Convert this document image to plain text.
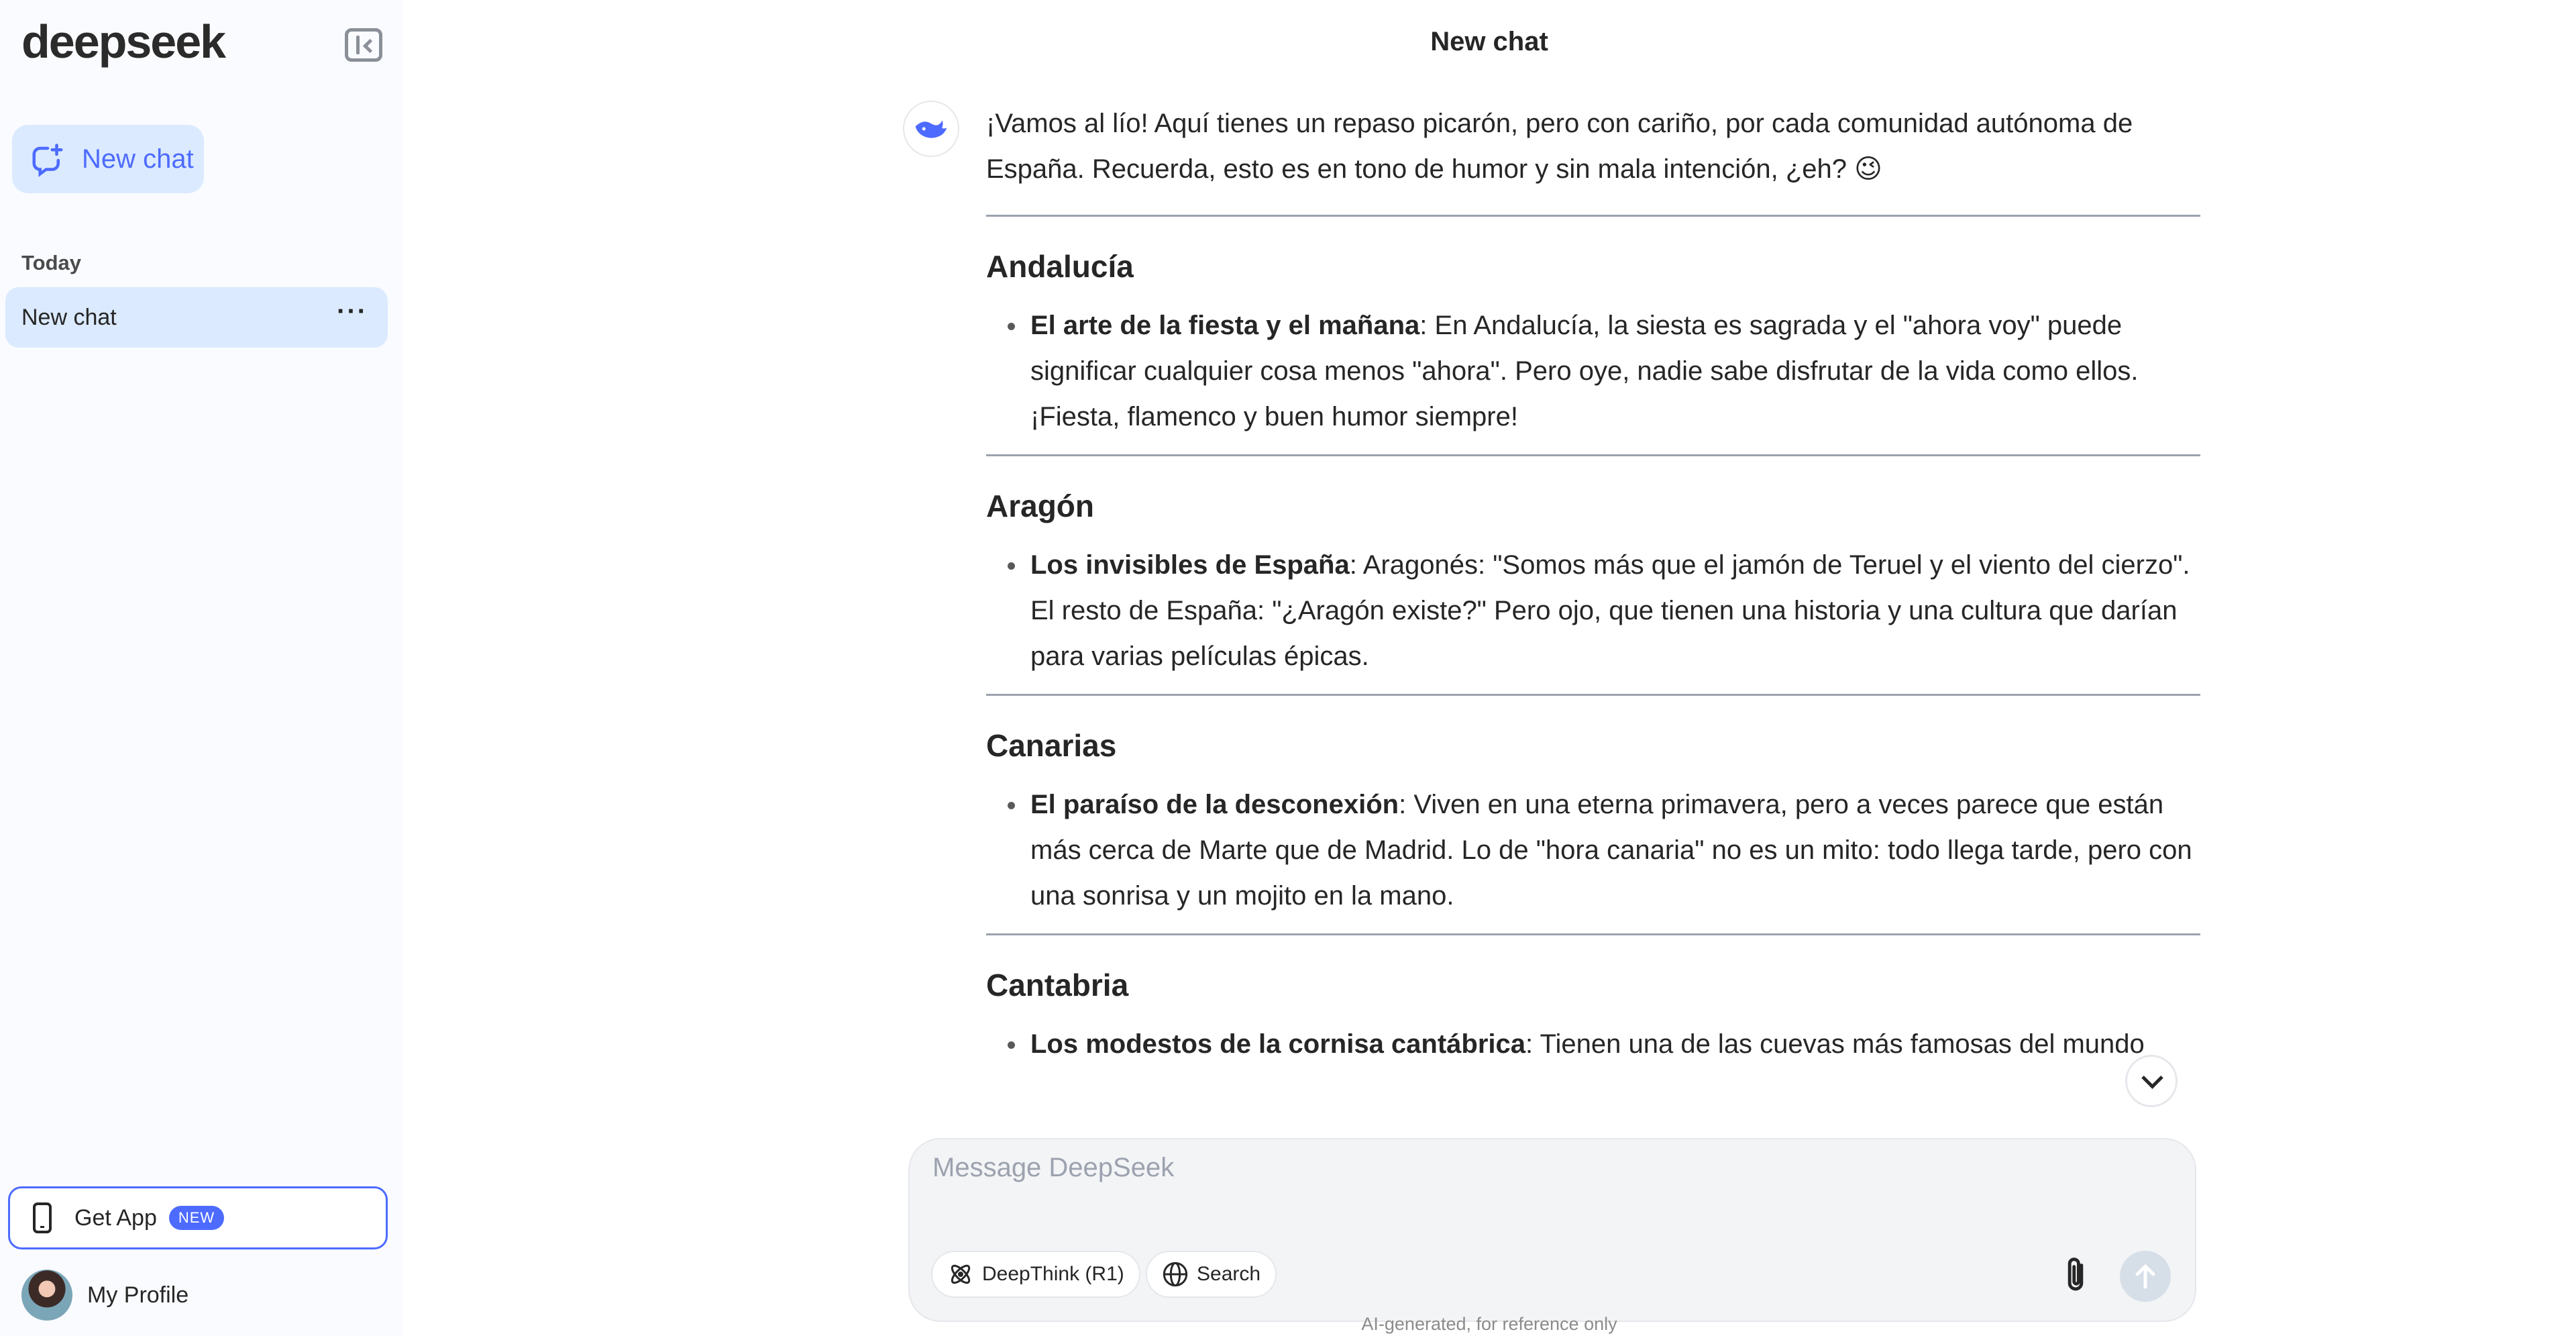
deepseek
New chat
Today
New chat	···
Get App	NEW
My Profile
New chat

¡Vamos al lío! Aquí tienes un repaso picarón, pero con cariño, por cada comunidad autónoma de España. Recuerda, esto es en tono de humor y sin mala intención, ¿eh? 😉

Andalucía
El arte de la fiesta y el mañana: En Andalucía, la siesta es sagrada y el "ahora voy" puede significar cualquier cosa menos "ahora". Pero oye, nadie sabe disfrutar de la vida como ellos. ¡Fiesta, flamenco y buen humor siempre!
Aragón
Los invisibles de España: Aragonés: "Somos más que el jamón de Teruel y el viento del cierzo". El resto de España: "¿Aragón existe?" Pero ojo, que tienen una historia y una cultura que darían para varias películas épicas.
Canarias
El paraíso de la desconexión: Viven en una eterna primavera, pero a veces parece que están más cerca de Marte que de Madrid. Lo de "hora canaria" no es un mito: todo llega tarde, pero con una sonrisa y un mojito en la mano.
Cantabria
Los modestos de la cornisa cantábrica: Tienen una de las cuevas más famosas del mundo
Message DeepSeek
DeepThink (R1)	Search
AI-generated, for reference only
